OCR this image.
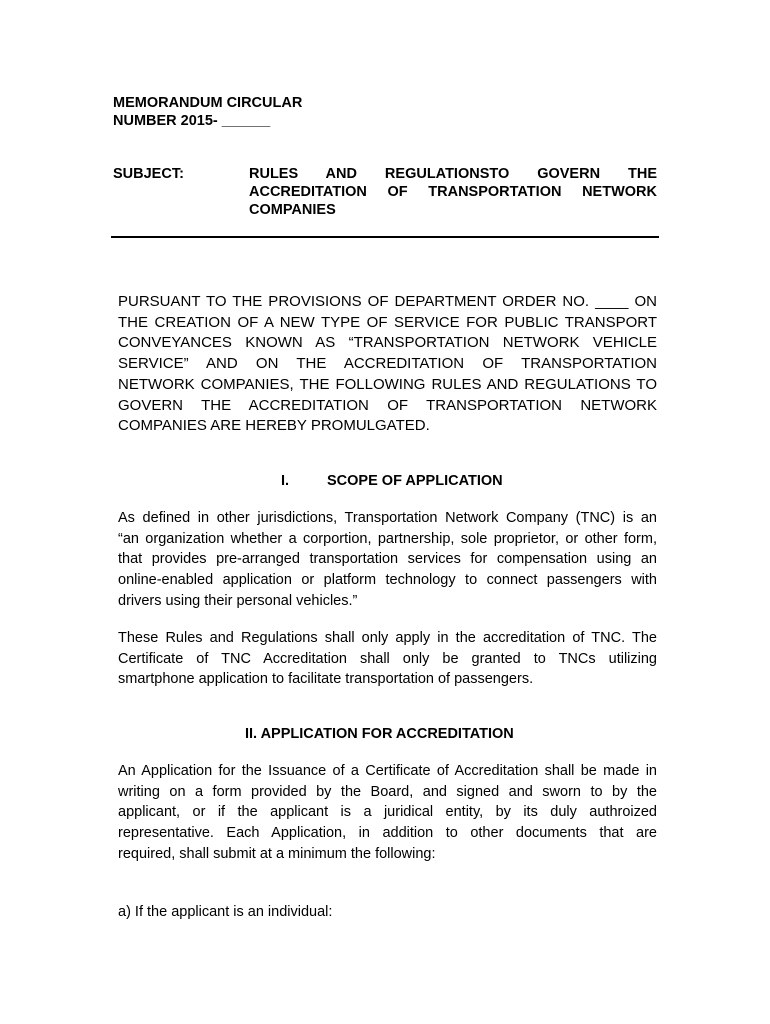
MEMORANDUM CIRCULAR
NUMBER 2015- ______
SUBJECT:	RULES AND REGULATIONSTO GOVERN THE
ACCREDITATION OF TRANSPORTATION NETWORK
COMPANIES
PURSUANT TO THE PROVISIONS OF DEPARTMENT ORDER NO. ____ ON
THE CREATION OF A NEW TYPE OF SERVICE FOR PUBLIC TRANSPORT
CONVEYANCES KNOWN AS “TRANSPORTATION NETWORK VEHICLE
SERVICE” AND ON THE ACCREDITATION OF TRANSPORTATION
NETWORK COMPANIES, THE FOLLOWING RULES AND REGULATIONS TO
GOVERN THE ACCREDITATION OF TRANSPORTATION NETWORK
COMPANIES ARE HEREBY PROMULGATED.
I.	SCOPE OF APPLICATION
As defined in other jurisdictions, Transportation Network Company (TNC) is an
“an organization whether a corportion, partnership, sole proprietor, or other form,
that provides pre-arranged transportation services for compensation using an
online-enabled application or platform technology to connect passengers with
drivers using their personal vehicles.”
These Rules and Regulations shall only apply in the accreditation of TNC. The
Certificate of TNC Accreditation shall only be granted to TNCs utilizing
smartphone application to facilitate transportation of passengers.
II. APPLICATION FOR ACCREDITATION
An Application for the Issuance of a Certificate of Accreditation shall be made in
writing on a form provided by the Board, and signed and sworn to by the
applicant, or if the applicant is a juridical entity, by its duly authroized
representative. Each Application, in addition to other documents that are
required, shall submit at a minimum the following:
a) If the applicant is an individual:
